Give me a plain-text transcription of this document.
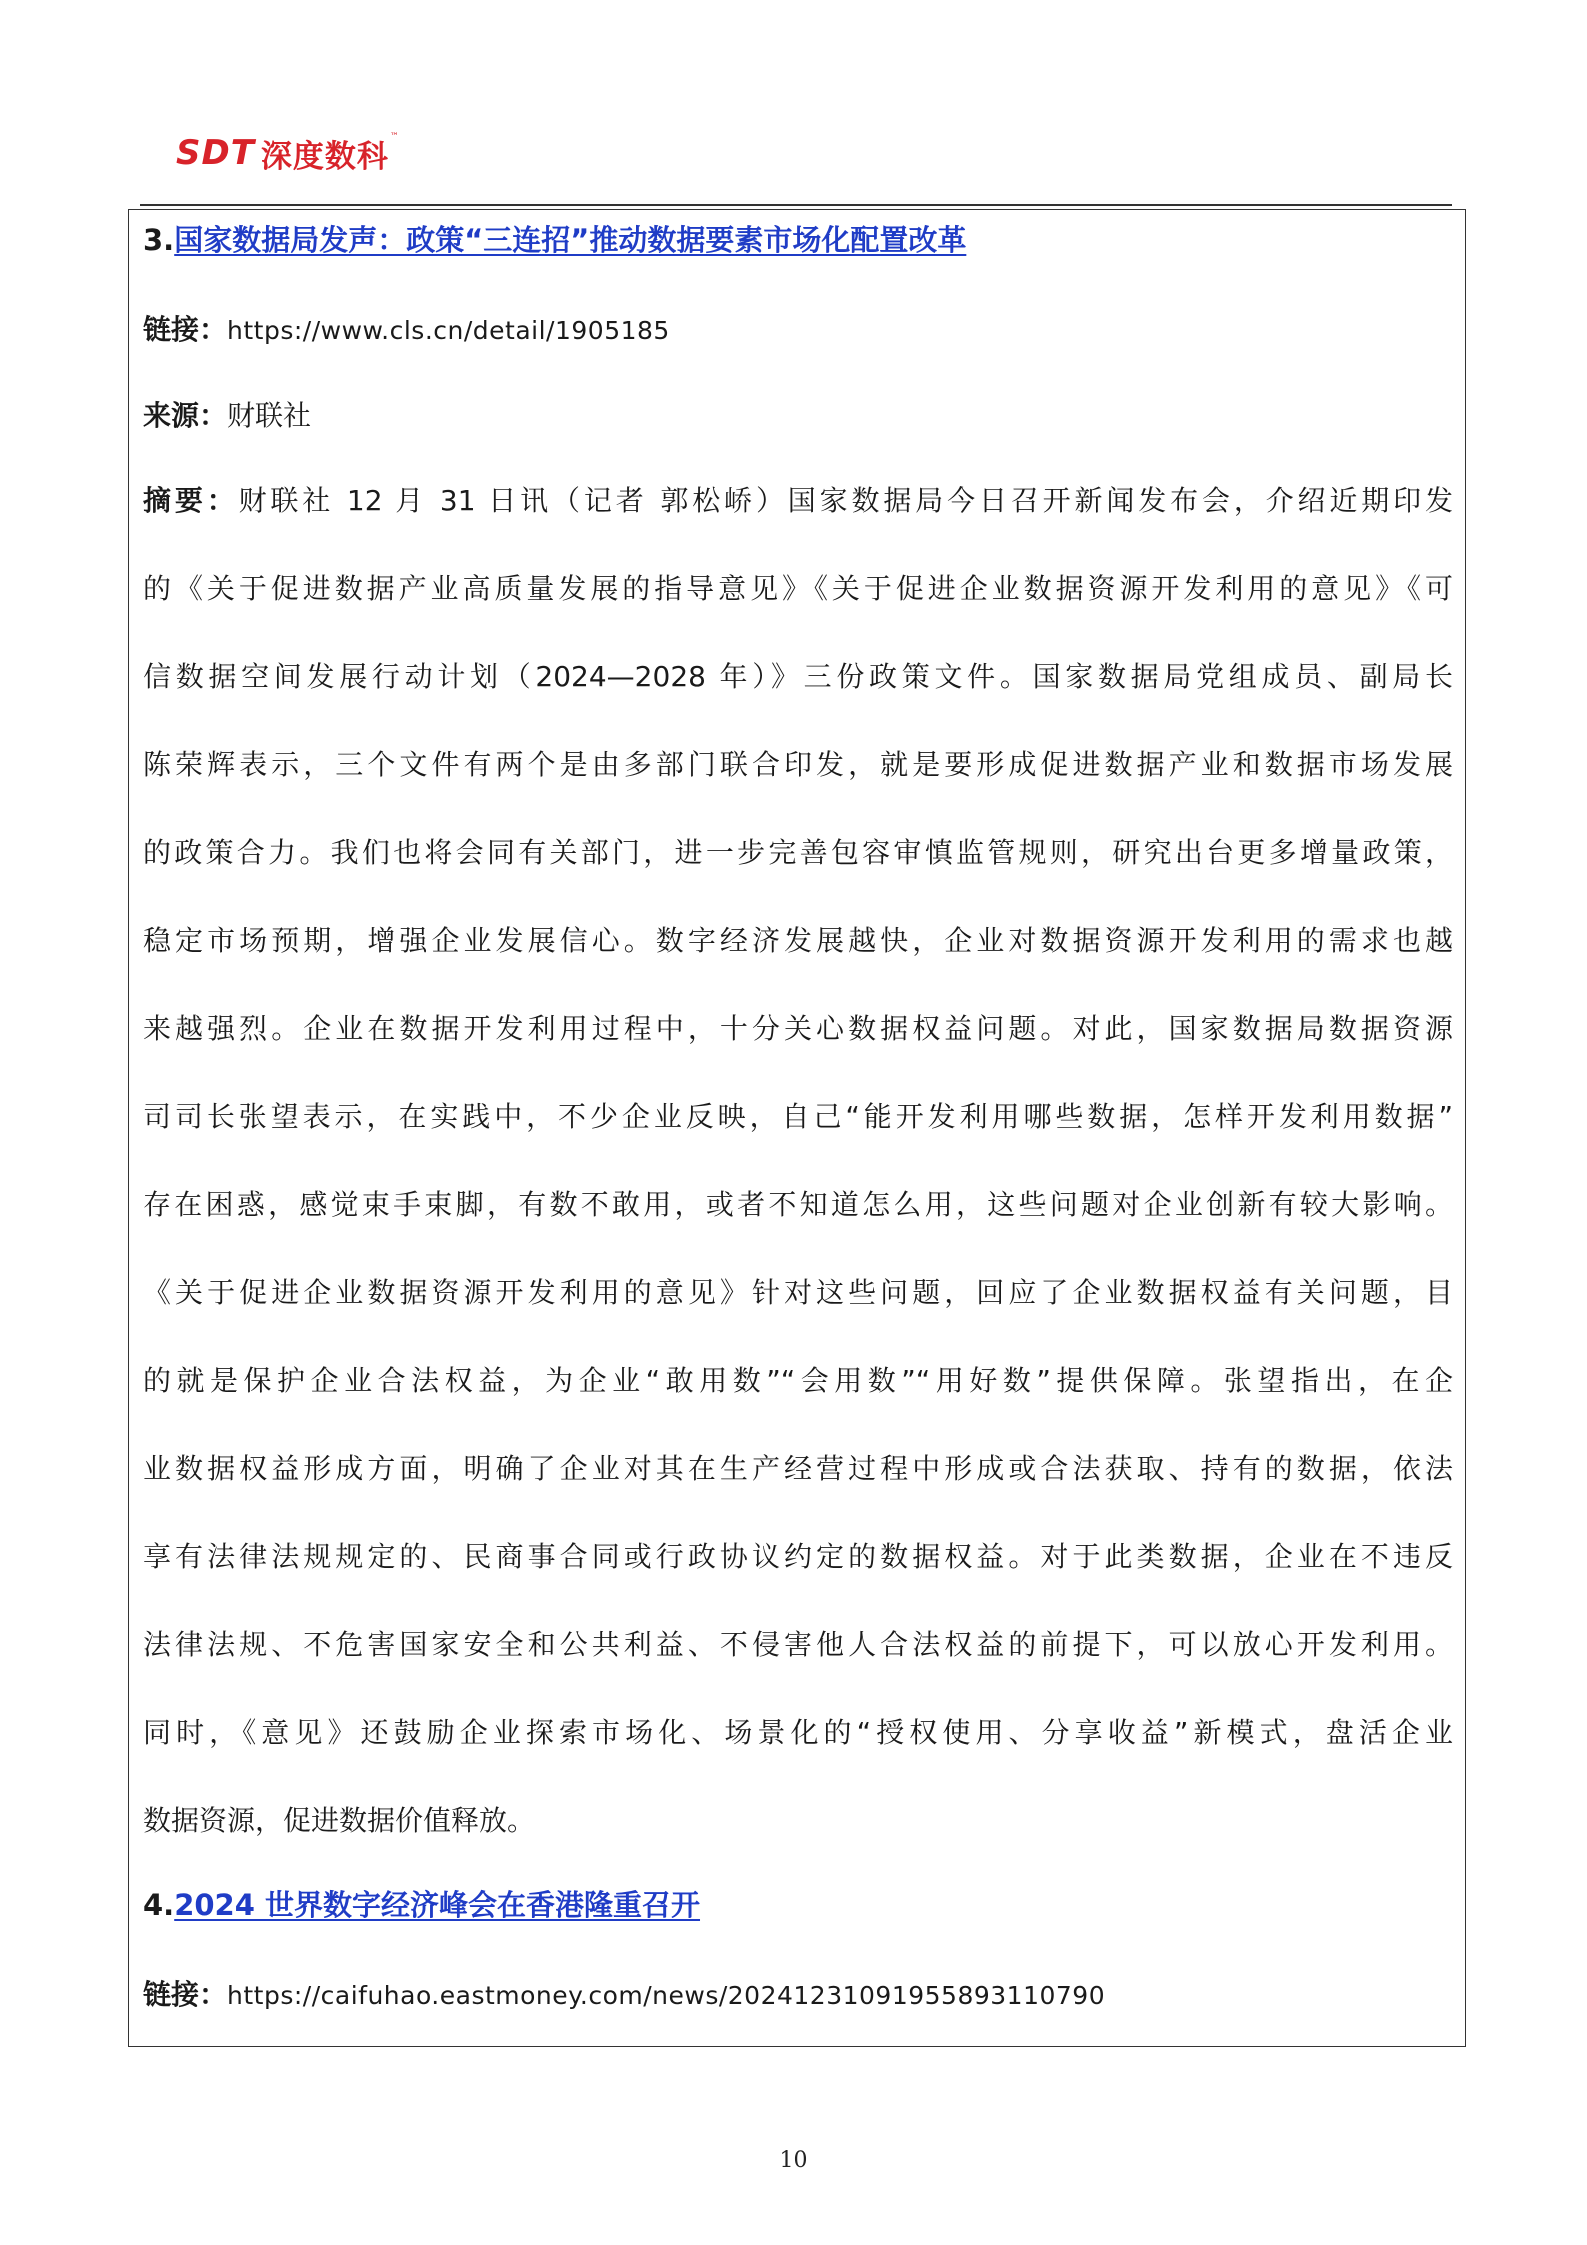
SDT 深度数科
™
3.国家数据局发声：政策“三连招”推动数据要素市场化配置改革
链接：https://www.cls.cn/detail/1905185
来源：财联社
摘要：财联社 12 月 31 日讯（记者 郭松峤）国家数据局今日召开新闻发布会，介绍近期印发
的《关于促进数据产业高质量发展的指导意见》《关于促进企业数据资源开发利用的意见》《可
信数据空间发展行动计划（2024—2028 年）》三份政策文件。国家数据局党组成员、副局长
陈荣辉表示，三个文件有两个是由多部门联合印发，就是要形成促进数据产业和数据市场发展
的政策合力。我们也将会同有关部门，进一步完善包容审慎监管规则，研究出台更多增量政策，
稳定市场预期，增强企业发展信心。数字经济发展越快，企业对数据资源开发利用的需求也越
来越强烈。企业在数据开发利用过程中，十分关心数据权益问题。对此，国家数据局数据资源
司司长张望表示，在实践中，不少企业反映，自己“能开发利用哪些数据，怎样开发利用数据”
存在困惑，感觉束手束脚，有数不敢用，或者不知道怎么用，这些问题对企业创新有较大影响。
《关于促进企业数据资源开发利用的意见》针对这些问题，回应了企业数据权益有关问题，目
的就是保护企业合法权益，为企业“敢用数”“会用数”“用好数”提供保障。张望指出，在企
业数据权益形成方面，明确了企业对其在生产经营过程中形成或合法获取、持有的数据，依法
享有法律法规规定的、民商事合同或行政协议约定的数据权益。对于此类数据，企业在不违反
法律法规、不危害国家安全和公共利益、不侵害他人合法权益的前提下，可以放心开发利用。
同时，《意见》还鼓励企业探索市场化、场景化的“授权使用、分享收益”新模式，盘活企业
数据资源，促进数据价值释放。
4.2024 世界数字经济峰会在香港隆重召开
链接：https://caifuhao.eastmoney.com/news/20241231091955893110790
10
